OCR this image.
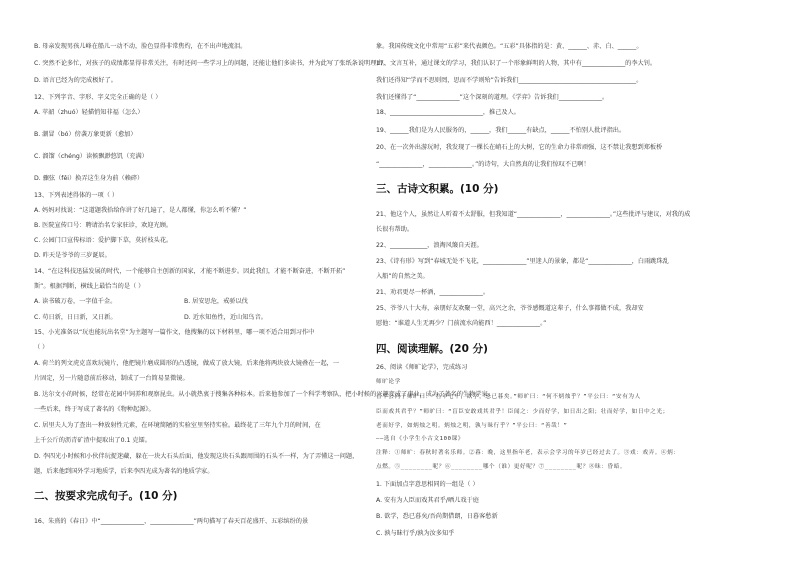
B. 母亲发现男孩儿峰在船儿一动不动，脸色显得非常焦灼，在不出声地流泪。
C. 突然不论多忙，对孩子的成绩都显得非常关注，有时还问一些学习上的问题，还能让他们多读书，并为此写了张纸条说明理由。
D. 语言已经为的完成极好了。
12、下列字音、字形、字义完全正确的是（ ）
A. 苹韶（zhuó）轻描悄知非福（怎么）
B. 潮冒（bó）傍袭万象更新（愈加）
C. 溜馏（chéng）读候飘渺悠饥（充满）
D. 骤弦（fěi）换弄这生身为前（赖碎）
13、下列表述得体的一项（ ）
A. 妈妈对找说：“这道题我拾给你讲了好几遍了，是人都懂，你怎么听不懂？”
B. 医院宣传口号：聘请治名专家驻诊，欢迎光顾。
C. 公园门口宣传标语：爱护脚下草，莫折枝头花。
D. 昨天是爷爷的三岁诞辰。
14、“在这科技迅猛发展的时代，一个能够自主创新的国家，才能不断进步。因此我们，才能不断奋进，不断开拓”
斯”。根据判断，横线上最恰当的是（ ）
A. 读书破万卷，一字值千金。	B. 居安思危，戒骄以伐
C. 苟日新，日日新，又日新。	D. 近水知鱼性，近山知鸟音。
15、小光准备以“玩也能玩出名堂”为主题写一篇作文，他搜集的以下材料里，哪一项不适合用到习作中
（ ）
A. 荷兰的列文虎克喜欢玩镜片，他把镜片磨成圆形的凸透镜，做成了放大镜，后来他将两块放大镜叠在一起，一
片固定，另一片随意前后移动，制成了一台简易显微镜。
B. 达尔文小的时候，经常在花园中饲养和观察昆虫。从小就热衷于搜集各种标本。后来他参加了一个科学考察队，把小时候的兴趣变成了事业，成为了著名的生物学家。
一些后来，终于写成了著名的《物种起源》。
C. 居里夫人为了查出一种放射性元素，在环境简陋的实验室里坚持实验。最终花了三年九个月的时间，在
上千公斤的沥青矿渣中提取出了0.1 克镭。
D. 李四光小时候和小伙伴玩捉迷藏，躲在一块大石头后面，他发现这块石头跟周围的石头不一样，为了弄懂这一问题，
题，后来他到国外学习地质学，后来李四光成为著名的地质学家。
二、按要求完成句子。(10 分)
16、朱熹的《春日》中“______________，______________”两句描写了春天百花盛开、五彩缤纷的景
象。我国传统文化中常用“五彩”来代表颜色。“五彩”具体指的是：黄、______、赤、白、______。
17、文言互补，通过课文的学习，我们认识了一个形象鲜明的人物，其中有______________的李大钊。
我们还得知“学而不思则罔，思而不学则殆”告诉我们______________________________________。
我们还懂得了“______________”这个深刻的道理。《学弈》告诉我们______________。
18、______________________________，推己及人。
19、______我们是为人民服务的，______，我们______有缺点，______不怕别人批评指出。
20、在一次外出游玩时，我发现了一棵长在峭石上的大树，它的生命力非常顽强，这不禁让我想到郑板桥
“______________，______________。”的诗句，大自然真的让我们惊叹不已啊！
三、古诗文积累。(10 分)
21、他这个人，虽然让人听着不太舒服，但我知道“______________，______________。”这些批评与建议，对我的成
长很有帮助。
22、____________，浪淘风簸自天涯。
23、《诗有形》写到“春城无处不飞花，______________”里迷人的景象，都是“______________，白雨跳珠乱
入船”的自然之美。
21、劝君更尽一杯酒，______________。
25、爷爷八十大寿，亲朋好友欢聚一堂，高兴之余，爷爷感慨道这辈子，什么事都做不成，我却安
慰他：“谁道人生无再少？门前流水尚能西！______________。”
四、阅读理解。(20 分)
26、阅读《师旷论学》，完成练习
师旷论学
晋平公问于师旷曰：“吾年七十，欲学，恐已暮矣。”师旷曰：“何不炳烛乎？”平公曰：“安有为人
臣而戏其君乎？”师旷曰：“盲臣安敢戏其君乎！臣闻之：少而好学，如日出之阳；壮而好学，如日中之光；
老而好学，如炳烛之明。炳烛之明，孰与昧行乎？”平公曰：“善哉！”
——选自《小学生小古文100课》
注释：①师旷：春秋时著名乐师。②暮：晚，这里指年老，表示会学习的年岁已经过去了。③戏：戏弄。④炳：
点燃。⑤________呢？⑥________哪个（谁）更好呢？⑦________呢？⑧昧：昏暗。
1. 下面加点字意思相同的一组是（ ）
A. 安有为人臣而戏其君乎/晒儿戏于庭
B. 欲学，恐已暮矣/吾尚期借朗，日暮客愁新
C. 孰与昧行乎/孰为汝多知乎
